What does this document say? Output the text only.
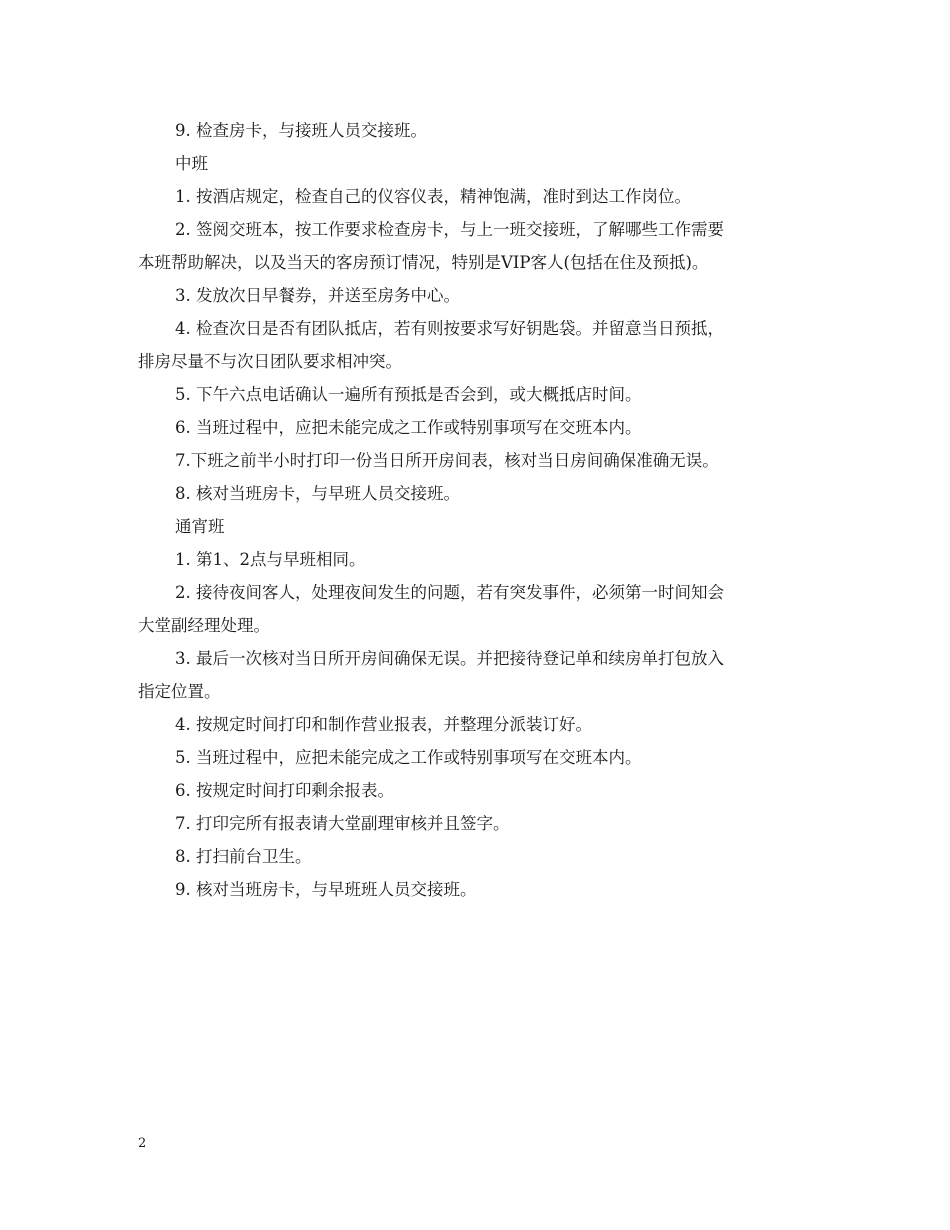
9. 检查房卡，与接班人员交接班。

中班

1. 按酒店规定，检查自己的仪容仪表，精神饱满，准时到达工作岗位。

2. 签阅交班本，按工作要求检查房卡，与上一班交接班，了解哪些工作需要

本班帮助解决，以及当天的客房预订情况，特别是VIP客人(包括在住及预抵)。

3. 发放次日早餐券，并送至房务中心。

4. 检查次日是否有团队抵店，若有则按要求写好钥匙袋。并留意当日预抵，

排房尽量不与次日团队要求相冲突。

5. 下午六点电话确认一遍所有预抵是否会到，或大概抵店时间。

6. 当班过程中，应把未能完成之工作或特别事项写在交班本内。

7.下班之前半小时打印一份当日所开房间表，核对当日房间确保准确无误。

8. 核对当班房卡，与早班人员交接班。

通宵班

1. 第1、2点与早班相同。

2. 接待夜间客人，处理夜间发生的问题，若有突发事件，必须第一时间知会

大堂副经理处理。

3. 最后一次核对当日所开房间确保无误。并把接待登记单和续房单打包放入

指定位置。

4. 按规定时间打印和制作营业报表，并整理分派装订好。

5. 当班过程中，应把未能完成之工作或特别事项写在交班本内。

6. 按规定时间打印剩余报表。

7. 打印完所有报表请大堂副理审核并且签字。

8. 打扫前台卫生。

9. 核对当班房卡，与早班班人员交接班。

2
